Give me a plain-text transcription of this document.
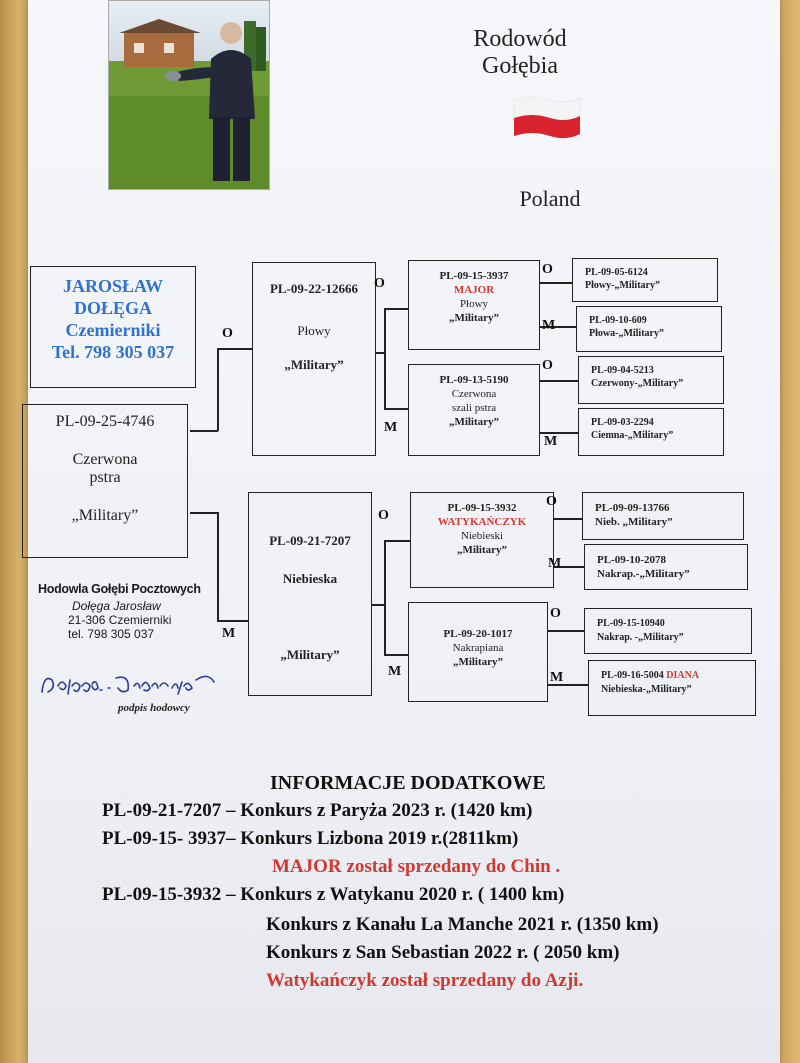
Rodowód Gołębia
Poland
JAROSŁAW
DOŁĘGA
Czemierniki
Tel. 798 305 037
PL-09-25-4746
Czerwona
pstra
„Military”
PL-09-22-12666
Płowy
„Military”
PL-09-21-7207
Niebieska
„Military”
PL-09-15-3937
MAJOR
Płowy
„Military”
PL-09-13-5190
Czerwona
szali pstra
„Military”
PL-09-15-3932
WATYKAŃCZYK
Niebieski
„Military”
PL-09-20-1017
Nakrapiana
„Military”
PL-09-05-6124
Płowy-„Military”
PL-09-10-609
Płowa-„Military”
PL-09-04-5213
Czerwony-„Military”
PL-09-03-2294
Ciemna-„Military”
PL-09-09-13766
Nieb. „Military”
PL-09-10-2078
Nakrap.-„Military”
PL-09-15-10940
Nakrap. -„Military”
PL-09-16-5004 DIANA
Niebieska-„Military”
O
M
O
M
O
M
O
M
O
M
O
M
O
M
Hodowla Gołębi Pocztowych
Dołęga Jarosław
21-306 Czemierniki
tel. 798 305 037
podpis hodowcy
INFORMACJE DODATKOWE
PL-09-21-7207 – Konkurs z Paryża 2023 r. (1420 km)
PL-09-15- 3937– Konkurs Lizbona 2019 r.(2811km)
MAJOR został sprzedany do Chin .
PL-09-15-3932 – Konkurs z Watykanu 2020 r. ( 1400 km)
Konkurs z Kanału La Manche 2021 r. (1350 km)
Konkurs z San Sebastian 2022 r. ( 2050 km)
Watykańczyk został sprzedany do Azji.
